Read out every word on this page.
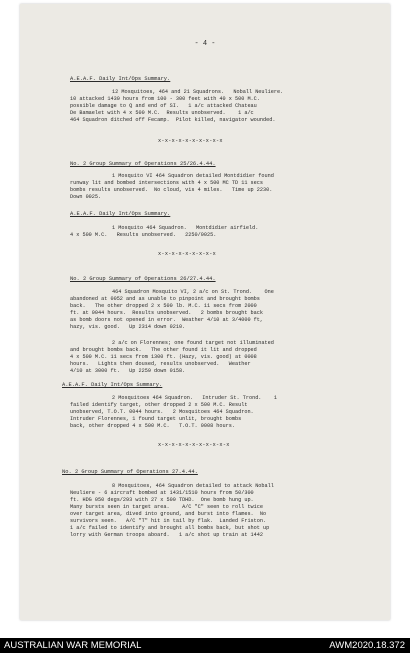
- 4 -
A.E.A.F. Daily Int/Ops Summary.
12 Mosquitoes, 464 and 21 Squadrons.   Noball Neuliere.
10 attacked 1430 hours from 100 - 300 feet with 40 x 500 M.C.
possible damage to Q and end of SI.   1 a/c attacked Chateau
De Bamaelet with 4 x 500 M.C.  Results unobserved.    1 a/c
464 Squadron ditched off Fecamp.  Pilot killed, navigator wounded.
x-x-x-x-x-x-x-x-x-x
No. 2 Group Summary of Operations 25/26.4.44.
1 Mosquito VI 464 Squadron detailed Montdidier found
runway lit and bombed intersections with 4 x 500 MC TD 11 secs
bombs results unobserved.  No cloud, vis 4 miles.   Time up 2230.
Down 0025.
A.E.A.F. Daily Int/Ops Summary.
1 Mosquito 464 Squadron.   Montdidier airfield.
4 x 500 M.C.   Results unobserved.   2250/0025.
x-x-x-x-x-x-x-x-x
No. 2 Group Summary of Operations 26/27.4.44.
464 Squadron Mosquito VI, 2 a/c on St. Trond.    One
abandoned at 0052 and as unable to pinpoint and brought bombs
back.   The other dropped 2 x 500 lb. M.C. 11 secs from 2000
ft. at 0044 hours.  Results unobserved.   2 bombs brought back
as bomb doors not opened in error.  Weather 4/10 at 3/4000 ft,
hazy, vis. good.   Up 2314 down 0210.
2 a/c on Florennes; one found target not illuminated
and brought bombs back.   The other found it lit and dropped
4 x 500 M.C. 11 secs from 1300 ft. (Hazy, vis. good) at 0008
hours.   Lights then doused, results unobserved.   Weather
4/10 at 3000 ft.   Up 2259 down 0158.
A.E.A.F. Daily Int/Ops Summary.
2 Mosquitoes 464 Squadron.   Intruder St. Trond.    1
failed identify target, other dropped 2 x 500 M.C. Result
unobserved, T.O.T. 0044 hours.   2 Mosquitoes 464 Squadron.
Intruder Florennes, 1 found target unlit, brought bombs
back, other dropped 4 x 500 M.C.   T.O.T. 0008 hours.
x-x-x-x-x-x-x-x-x-x-x
No. 2 Group Summary of Operations 27.4.44.
8 Mosquitoes, 464 Squadron detailed to attack Noball
Neuliere - 6 aircraft bombed at 1431/1510 hours from 50/300
ft. HDG 050 degs/293 with 27 x 500 TDHD.  One bomb hung up.
Many bursts seen in target area.    A/C "C" seen to roll twice
over target area, dived into ground, and burst into flames.  No
survivors seen.   A/C "T" hit in tail by flak.  Landed Friston.
1 a/c failed to identify and brought all bombs back, but shot up
lorry with German troops aboard.   1 a/c shot up train at 1442
AUSTRALIAN WAR MEMORIAL	AWM2020.18.372
